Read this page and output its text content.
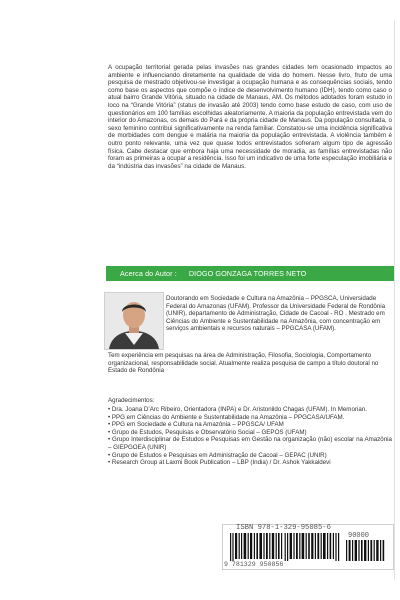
A ocupação territorial gerada pelas invasões nas grandes cidades tem ocasionado impactos ao ambiente e influenciando diretamente na qualidade de vida do homem. Nesse livro, fruto de uma pesquisa de mestrado objetivou-se investigar a ocupação humana e as consequências sociais, tendo como base os aspectos que compõe o índice de desenvolvimento humano (IDH), tendo como caso o atual bairro Grande Vitória, situado na cidade de Manaus, AM. Os métodos adotados foram estudo in loco na “Grande Vitória” (status de invasão até 2003) tendo como base estudo de caso, com uso de questionários em 100 famílias escolhidas aleatoriamente. A maioria da população entrevistada vem do interior do Amazonas, os demais do Pará e da própria cidade de Manaus. Da população consultada, o sexo feminino contribui significativamente na renda familiar. Constatou-se uma incidência significativa de morbidades com dengue e malária na maioria da população entrevistada. A violência também é outro ponto relevante, uma vez que quase todos entrevistados sofreram algum tipo de agressão física. Cabe destacar que embora haja uma necessidade de moradia, as famílias entrevistadas não foram as primeiras a ocupar a residência. Isso foi um indicativo de uma forte especulação imobiliária e da “indústria das invasões” na cidade de Manaus.

Acerca do Autor : DIOGO GONZAGA TORRES NETO

Doutorando em Sociedade e Cultura na Amazônia – PPGSCA, Universidade Federal do Amazonas (UFAM). Professor da Universidade Federal de Rondônia (UNIR), departamento de Administração, Cidade de Cacoal - RO . Mestrado em Ciências do Ambiente e Sustentabilidade na Amazônia, com concentração em serviços ambientais e recursos naturais – PPGCASA (UFAM).

Tem experiência em pesquisas na área de Administração, Filosofia, Sociologia, Comportamento organizacional, responsabilidade social. Atualmente realiza pesquisa de campo a título doutoral no Estado de Rondônia

Agradecimentos:
• Dra. Joana D’Arc Ribeiro, Orientadora (INPA) e Dr. Aristonildo Chagas (UFAM). In Memorian.
• PPG em Ciências do Ambiente e Sustentabilidade na Amazônia – PPGCASA/UFAM.
• PPG em Sociedade e Cultura na Amazônia – PPGSCA/ UFAM
• Grupo de Estudos, Pesquisas e Observatório Social – GEPOS (UFAM)
• Grupo Interdisciplinar de Estudos e Pesquisas em Gestão na organização (não) escolar na Amazônia – GIEPGOEA (UNIR)
• Grupo de Estudos e Pesquisas em Administração de Cacoal – GEPAC (UNIR)
• Research Group at Laxmi Book Publication – LBP (India) / Dr. Ashok Yakkaldevi
ISBN 978-1-329-95085-6
90000
9 781329 950856
